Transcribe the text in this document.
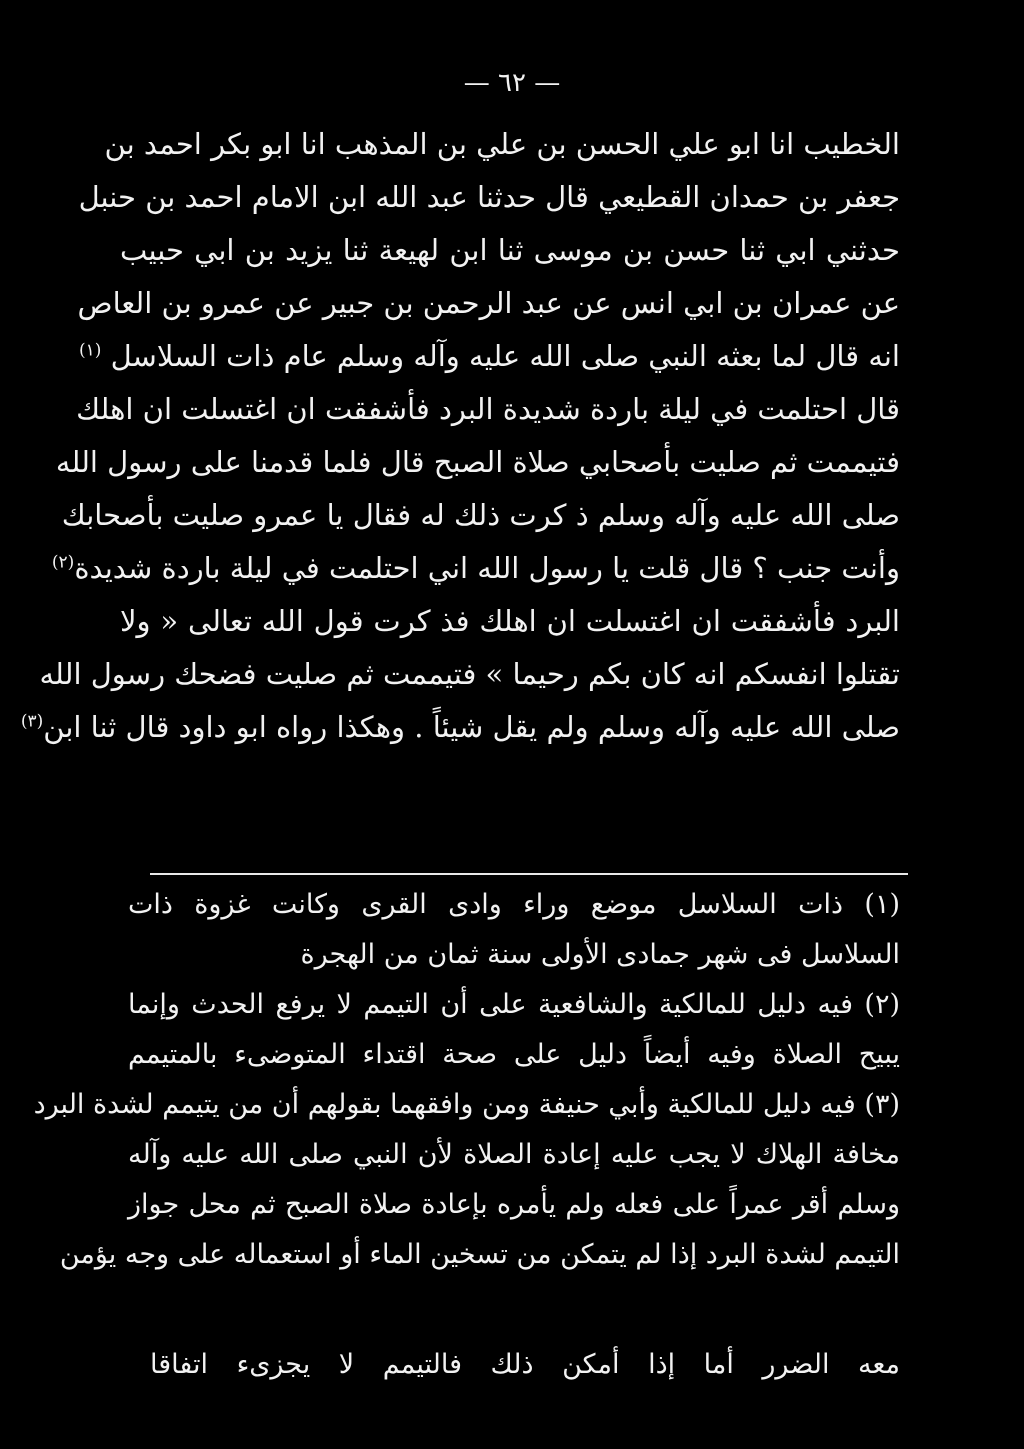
— ٦٢ —
الخطيب انا ابو علي الحسن بن علي بن المذهب انا ابو بكر احمد بن
جعفر بن حمدان القطيعي قال حدثنا عبد الله ابن الامام احمد بن حنبل
حدثني ابي ثنا حسن بن موسى ثنا ابن لهيعة ثنا يزيد بن ابي حبيب
عن عمران بن ابي انس عن عبد الرحمن بن جبير عن عمرو بن العاص
انه قال لما بعثه النبي صلى الله عليه وآله وسلم عام ذات السلاسل $^{(١)}$
قال احتلمت في ليلة باردة شديدة البرد فأشفقت ان اغتسلت ان اهلك
فتيممت ثم صليت بأصحابي صلاة الصبح قال فلما قدمنا على رسول الله
صلى الله عليه وآله وسلم ذ كرت ذلك له فقال يا عمرو صليت بأصحابك
وأنت جنب ؟ قال قلت يا رسول الله اني احتلمت في ليلة باردة شديدة$^{(٢)}$
البرد فأشفقت ان اغتسلت ان اهلك فذ كرت قول الله تعالى « ولا
تقتلوا انفسكم انه كان بكم رحيما » فتيممت ثم صليت فضحك رسول الله
صلى الله عليه وآله وسلم ولم يقل شيئاً . وهكذا رواه ابو داود قال ثنا ابن$^{(٣)}$
(١) ذات السلاسل موضع وراء وادى القرى وكانت غزوة ذات
السلاسل فى شهر جمادى الأولى سنة ثمان من الهجرة
(٢) فيه دليل للمالكية والشافعية على أن التيمم لا يرفع الحدث وإنما
يبيح الصلاة وفيه أيضاً دليل على صحة اقتداء المتوضىء بالمتيمم
(٣) فيه دليل للمالكية وأبي حنيفة ومن وافقهما بقولهم أن من يتيمم لشدة البرد
مخافة الهلاك لا يجب عليه إعادة الصلاة لأن النبي صلى الله عليه وآله
وسلم أقر عمراً على فعله ولم يأمره بإعادة صلاة الصبح ثم محل جواز
التيمم لشدة البرد إذا لم يتمكن من تسخين الماء أو استعماله على وجه يؤمن
معه الضرر أما إذا أمكن ذلك فالتيمم لا يجزىء اتفاقا
